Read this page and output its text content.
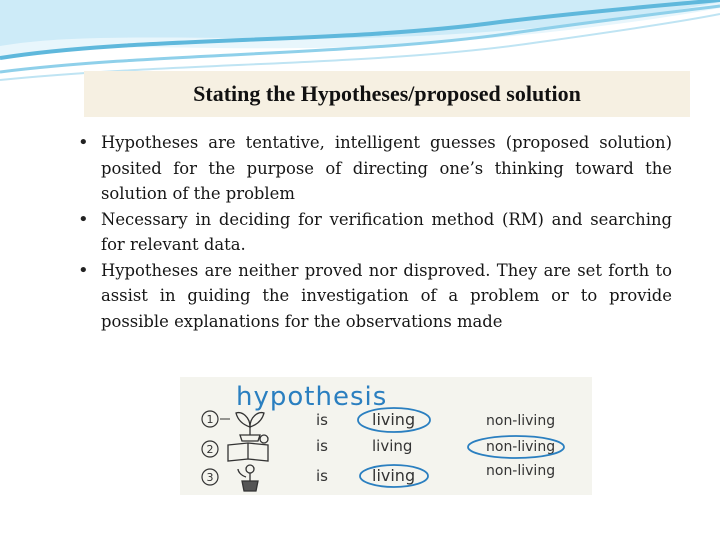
Stating the Hypotheses/proposed solution
• Hypotheses are tentative, intelligent guesses (proposed solution) posited for the purpose of directing one’s thinking toward the solution of the problem
• Necessary in deciding for verification method (RM) and searching for relevant data.
• Hypotheses are neither proved nor disproved. They are set forth to assist in guiding the investigation of a problem or to provide possible explanations for the observations made
hypothesis
1	is	living	non-living
2	is	living	non-living
3	is	living	non-living
